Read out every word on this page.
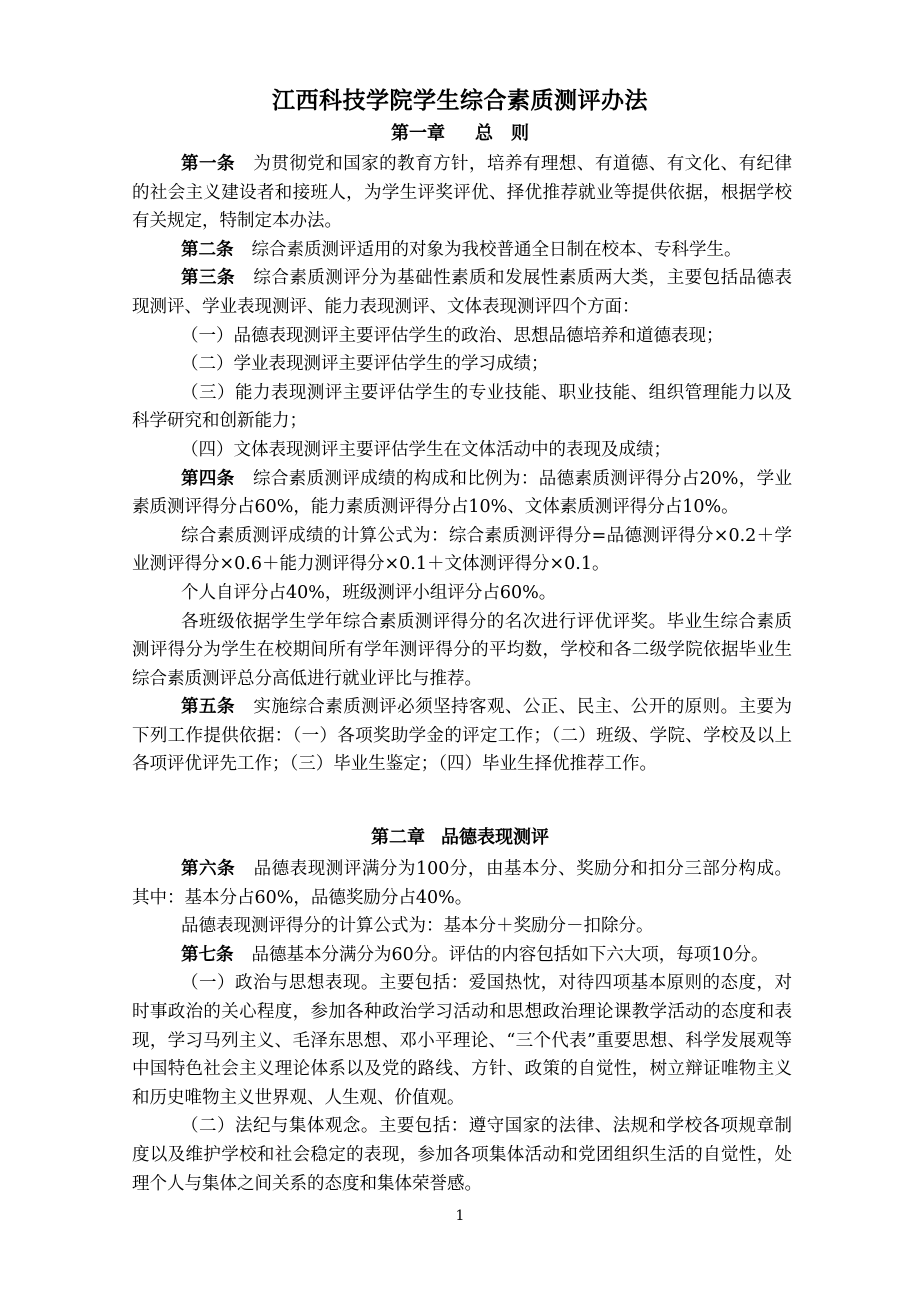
江西科技学院学生综合素质测评办法
第一章 总　则

第一条 为贯彻党和国家的教育方针，培养有理想、有道德、有文化、有纪律的社会主义建设者和接班人，为学生评奖评优、择优推荐就业等提供依据，根据学校有关规定，特制定本办法。

第二条 综合素质测评适用的对象为我校普通全日制在校本、专科学生。

第三条 综合素质测评分为基础性素质和发展性素质两大类，主要包括品德表现测评、学业表现测评、能力表现测评、文体表现测评四个方面：

（一）品德表现测评主要评估学生的政治、思想品德培养和道德表现；

（二）学业表现测评主要评估学生的学习成绩；

（三）能力表现测评主要评估学生的专业技能、职业技能、组织管理能力以及科学研究和创新能力；

（四）文体表现测评主要评估学生在文体活动中的表现及成绩；

第四条 综合素质测评成绩的构成和比例为：品德素质测评得分占20%，学业素质测评得分占60%，能力素质测评得分占10%、文体素质测评得分占10%。

综合素质测评成绩的计算公式为：综合素质测评得分=品德测评得分×0.2＋学业测评得分×0.6＋能力测评得分×0.1＋文体测评得分×0.1。

个人自评分占40%，班级测评小组评分占60%。

各班级依据学生学年综合素质测评得分的名次进行评优评奖。毕业生综合素质测评得分为学生在校期间所有学年测评得分的平均数，学校和各二级学院依据毕业生综合素质测评总分高低进行就业评比与推荐。

第五条 实施综合素质测评必须坚持客观、公正、民主、公开的原则。主要为下列工作提供依据：（一）各项奖助学金的评定工作；（二）班级、学院、学校及以上各项评优评先工作；（三）毕业生鉴定；（四）毕业生择优推荐工作。

第二章 品德表现测评

第六条 品德表现测评满分为100分，由基本分、奖励分和扣分三部分构成。其中：基本分占60%，品德奖励分占40%。

品德表现测评得分的计算公式为：基本分＋奖励分－扣除分。

第七条 品德基本分满分为60分。评估的内容包括如下六大项，每项10分。

（一）政治与思想表现。主要包括：爱国热忱，对待四项基本原则的态度，对时事政治的关心程度，参加各种政治学习活动和思想政治理论课教学活动的态度和表现，学习马列主义、毛泽东思想、邓小平理论、“三个代表”重要思想、科学发展观等中国特色社会主义理论体系以及党的路线、方针、政策的自觉性，树立辩证唯物主义和历史唯物主义世界观、人生观、价值观。

（二）法纪与集体观念。主要包括：遵守国家的法律、法规和学校各项规章制度以及维护学校和社会稳定的表现，参加各项集体活动和党团组织生活的自觉性，处理个人与集体之间关系的态度和集体荣誉感。

1
